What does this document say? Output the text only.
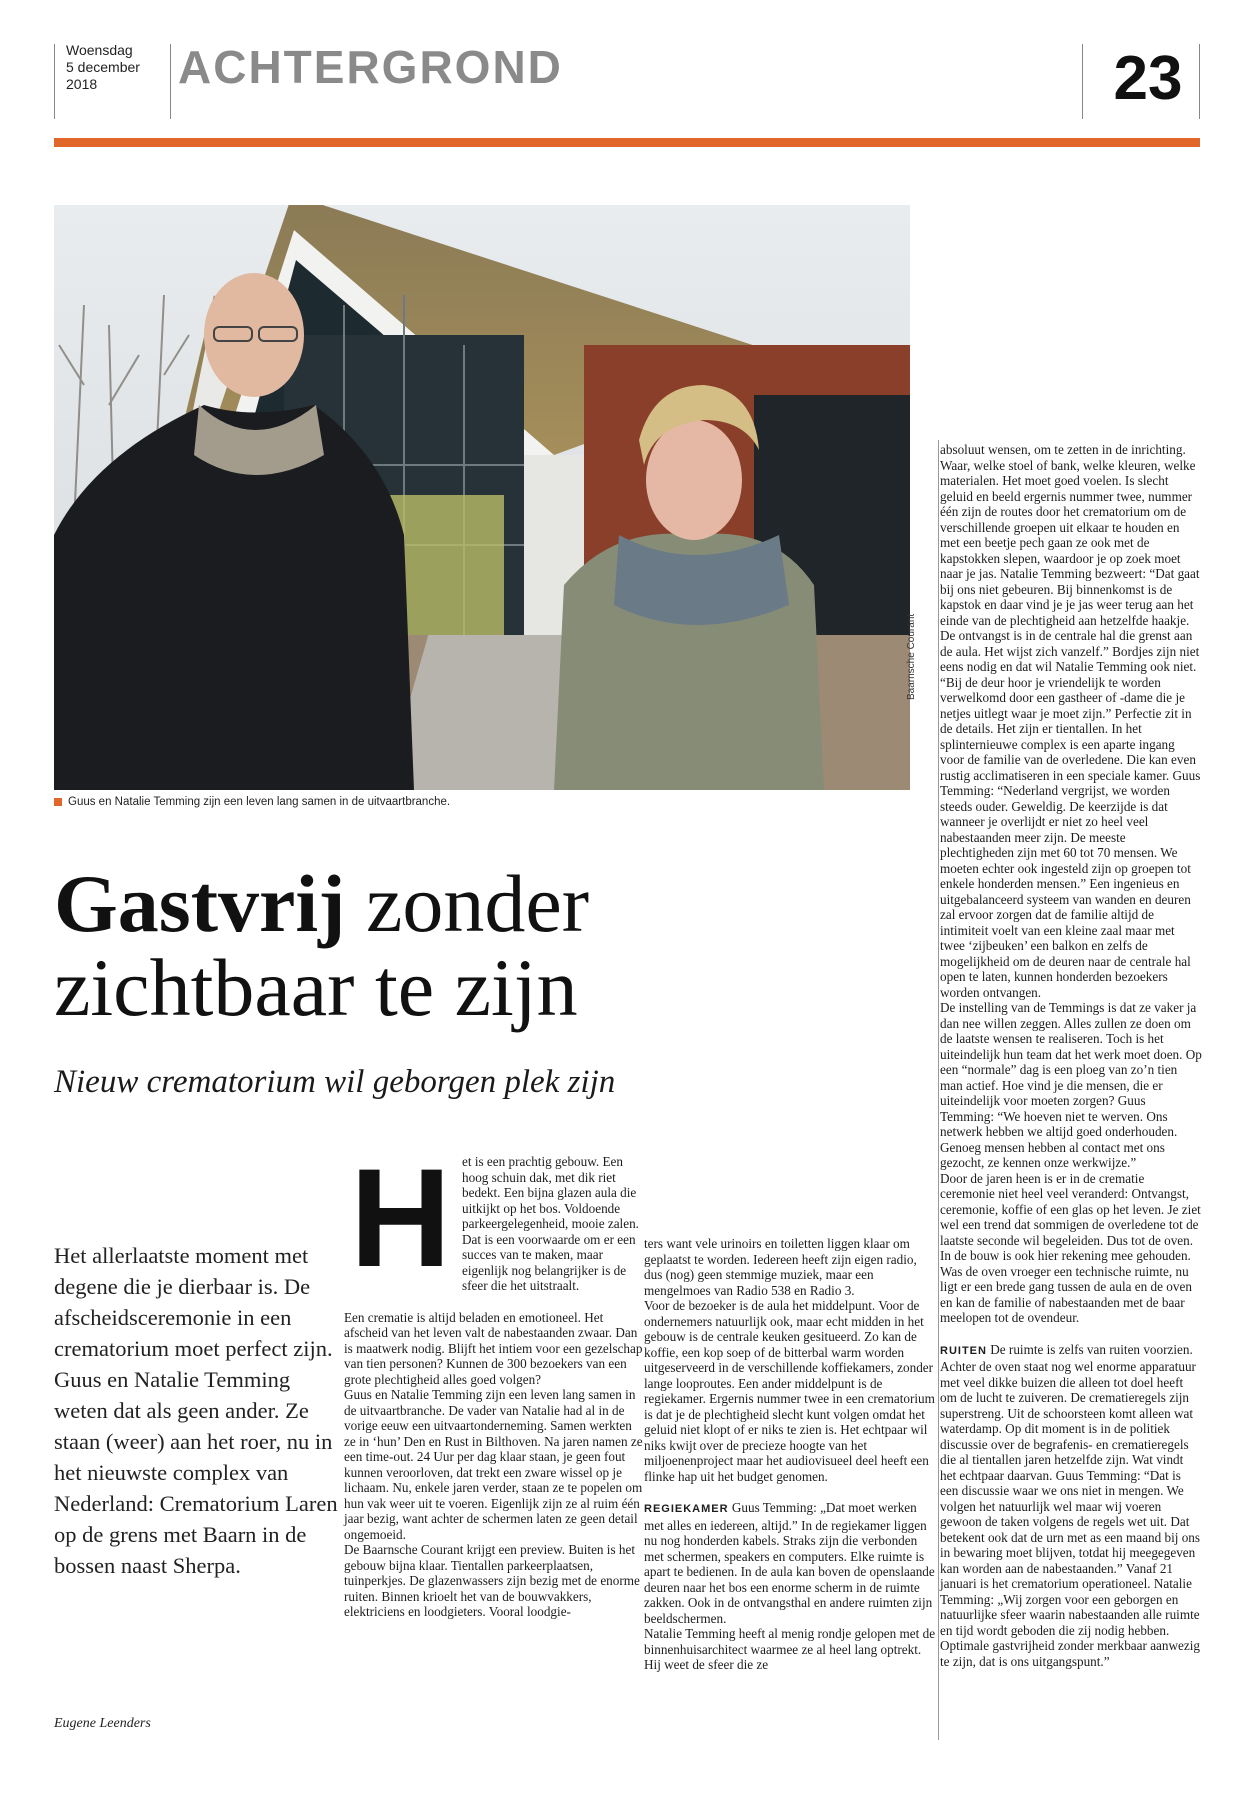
Woensdag
5 december
2018	ACHTERGROND	23
Baarnsche Courant
Guus en Natalie Temming zijn een leven lang samen in de uitvaartbranche.
Gastvrij zonder
zichtbaar te zijn
Nieuw crematorium wil geborgen plek zijn
Het allerlaatste moment met degene die je dierbaar is. De afscheidsceremonie in een crematorium moet perfect zijn. Guus en Natalie Temming weten dat als geen ander. Ze staan (weer) aan het roer, nu in het nieuwste complex van Nederland: Crematorium Laren op de grens met Baarn in de bossen naast Sherpa.
Eugene Leenders

et is een prachtig gebouw. Een hoog schuin dak, met dik riet bedekt. Een bijna glazen aula die uitkijkt op het bos. Voldoende parkeergelegenheid, mooie zalen. Dat is een voorwaarde om er een succes van te maken, maar eigenlijk nog belangrijker is de sfeer die het uitstraalt.

Een crematie is altijd beladen en emotioneel. Het afscheid van het leven valt de nabestaanden zwaar. Dan is maatwerk nodig. Blijft het intiem voor een gezelschap van tien personen? Kunnen de 300 bezoekers van een grote plechtigheid alles goed volgen?

Guus en Natalie Temming zijn een leven lang samen in de uitvaartbranche. De vader van Natalie had al in de vorige eeuw een uitvaartonderneming. Samen werkten ze in ‘hun’ Den en Rust in Bilthoven. Na jaren namen ze een time-out. 24 Uur per dag klaar staan, je geen fout kunnen veroorloven, dat trekt een zware wissel op je lichaam. Nu, enkele jaren verder, staan ze te popelen om hun vak weer uit te voeren. Eigenlijk zijn ze al ruim één jaar bezig, want achter de schermen laten ze geen detail ongemoeid.

De Baarnsche Courant krijgt een preview. Buiten is het gebouw bijna klaar. Tientallen parkeerplaatsen, tuinperkjes. De glazenwassers zijn bezig met de enorme ruiten. Binnen krioelt het van de bouwvakkers, elektriciens en loodgieters. Vooral loodgie-

H	ters want vele urinoirs en toiletten liggen klaar om geplaatst te worden. Iedereen heeft zijn eigen radio, dus (nog) geen stemmige muziek, maar een mengelmoes van Radio 538 en Radio 3.

Voor de bezoeker is de aula het middelpunt. Voor de ondernemers natuurlijk ook, maar echt midden in het gebouw is de centrale keuken gesitueerd. Zo kan de koffie, een kop soep of de bitterbal warm worden uitgeserveerd in de verschillende koffiekamers, zonder lange looproutes. Een ander middelpunt is de regiekamer. Ergernis nummer twee in een crematorium is dat je de plechtigheid slecht kunt volgen omdat het geluid niet klopt of er niks te zien is. Het echtpaar wil niks kwijt over de precieze hoogte van het miljoenenproject maar het audiovisueel deel heeft een flinke hap uit het budget genomen.

REGIEKAMER Guus Temming: „Dat moet werken met alles en iedereen, altijd.” In de regiekamer liggen nu nog honderden kabels. Straks zijn die verbonden met schermen, speakers en computers. Elke ruimte is apart te bedienen. In de aula kan boven de openslaande deuren naar het bos een enorme scherm in de ruimte zakken. Ook in de ontvangsthal en andere ruimten zijn beeldschermen.

Natalie Temming heeft al menig rondje gelopen met de binnenhuisarchitect waarmee ze al heel lang optrekt. Hij weet de sfeer die ze

absoluut wensen, om te zetten in de inrichting. Waar, welke stoel of bank, welke kleuren, welke materialen. Het moet goed voelen. Is slecht geluid en beeld ergernis nummer twee, nummer één zijn de routes door het crematorium om de verschillende groepen uit elkaar te houden en met een beetje pech gaan ze ook met de kapstokken slepen, waardoor je op zoek moet naar je jas. Natalie Temming bezweert: “Dat gaat bij ons niet gebeuren. Bij binnenkomst is de kapstok en daar vind je je jas weer terug aan het einde van de plechtigheid aan hetzelfde haakje. De ontvangst is in de centrale hal die grenst aan de aula. Het wijst zich vanzelf.” Bordjes zijn niet eens nodig en dat wil Natalie Temming ook niet. “Bij de deur hoor je vriendelijk te worden verwelkomd door een gastheer of -dame die je netjes uitlegt waar je moet zijn.” Perfectie zit in de details. Het zijn er tientallen. In het splinternieuwe complex is een aparte ingang voor de familie van de overledene. Die kan even rustig acclimatiseren in een speciale kamer. Guus Temming: “Nederland vergrijst, we worden steeds ouder. Geweldig. De keerzijde is dat wanneer je overlijdt er niet zo heel veel nabestaanden meer zijn. De meeste plechtigheden zijn met 60 tot 70 mensen. We moeten echter ook ingesteld zijn op groepen tot enkele honderden mensen.” Een ingenieus en uitgebalanceerd systeem van wanden en deuren zal ervoor zorgen dat de familie altijd de intimiteit voelt van een kleine zaal maar met twee ‘zijbeuken’ een balkon en zelfs de mogelijkheid om de deuren naar de centrale hal open te laten, kunnen honderden bezoekers worden ontvangen.

De instelling van de Temmings is dat ze vaker ja dan nee willen zeggen. Alles zullen ze doen om de laatste wensen te realiseren. Toch is het uiteindelijk hun team dat het werk moet doen. Op een “normale” dag is een ploeg van zo’n tien man actief. Hoe vind je die mensen, die er uiteindelijk voor moeten zorgen? Guus Temming: “We hoeven niet te werven. Ons netwerk hebben we altijd goed onderhouden. Genoeg mensen hebben al contact met ons gezocht, ze kennen onze werkwijze.”

Door de jaren heen is er in de crematie ceremonie niet heel veel veranderd: Ontvangst, ceremonie, koffie of een glas op het leven. Je ziet wel een trend dat sommigen de overledene tot de laatste seconde wil begeleiden. Dus tot de oven. In de bouw is ook hier rekening mee gehouden. Was de oven vroeger een technische ruimte, nu ligt er een brede gang tussen de aula en de oven en kan de familie of nabestaanden met de baar meelopen tot de ovendeur.

RUITEN De ruimte is zelfs van ruiten voorzien. Achter de oven staat nog wel enorme apparatuur met veel dikke buizen die alleen tot doel heeft om de lucht te zuiveren. De crematieregels zijn superstreng. Uit de schoorsteen komt alleen wat waterdamp. Op dit moment is in de politiek discussie over de begrafenis- en crematieregels die al tientallen jaren hetzelfde zijn. Wat vindt het echtpaar daarvan. Guus Temming: “Dat is een discussie waar we ons niet in mengen. We volgen het natuurlijk wel maar wij voeren gewoon de taken volgens de regels wet uit. Dat betekent ook dat de urn met as een maand bij ons in bewaring moet blijven, totdat hij meegegeven kan worden aan de nabestaanden.” Vanaf 21 januari is het crematorium operationeel. Natalie Temming: „Wij zorgen voor een geborgen en natuurlijke sfeer waarin nabestaanden alle ruimte en tijd wordt geboden die zij nodig hebben. Optimale gastvrijheid zonder merkbaar aanwezig te zijn, dat is ons uitgangspunt.”
